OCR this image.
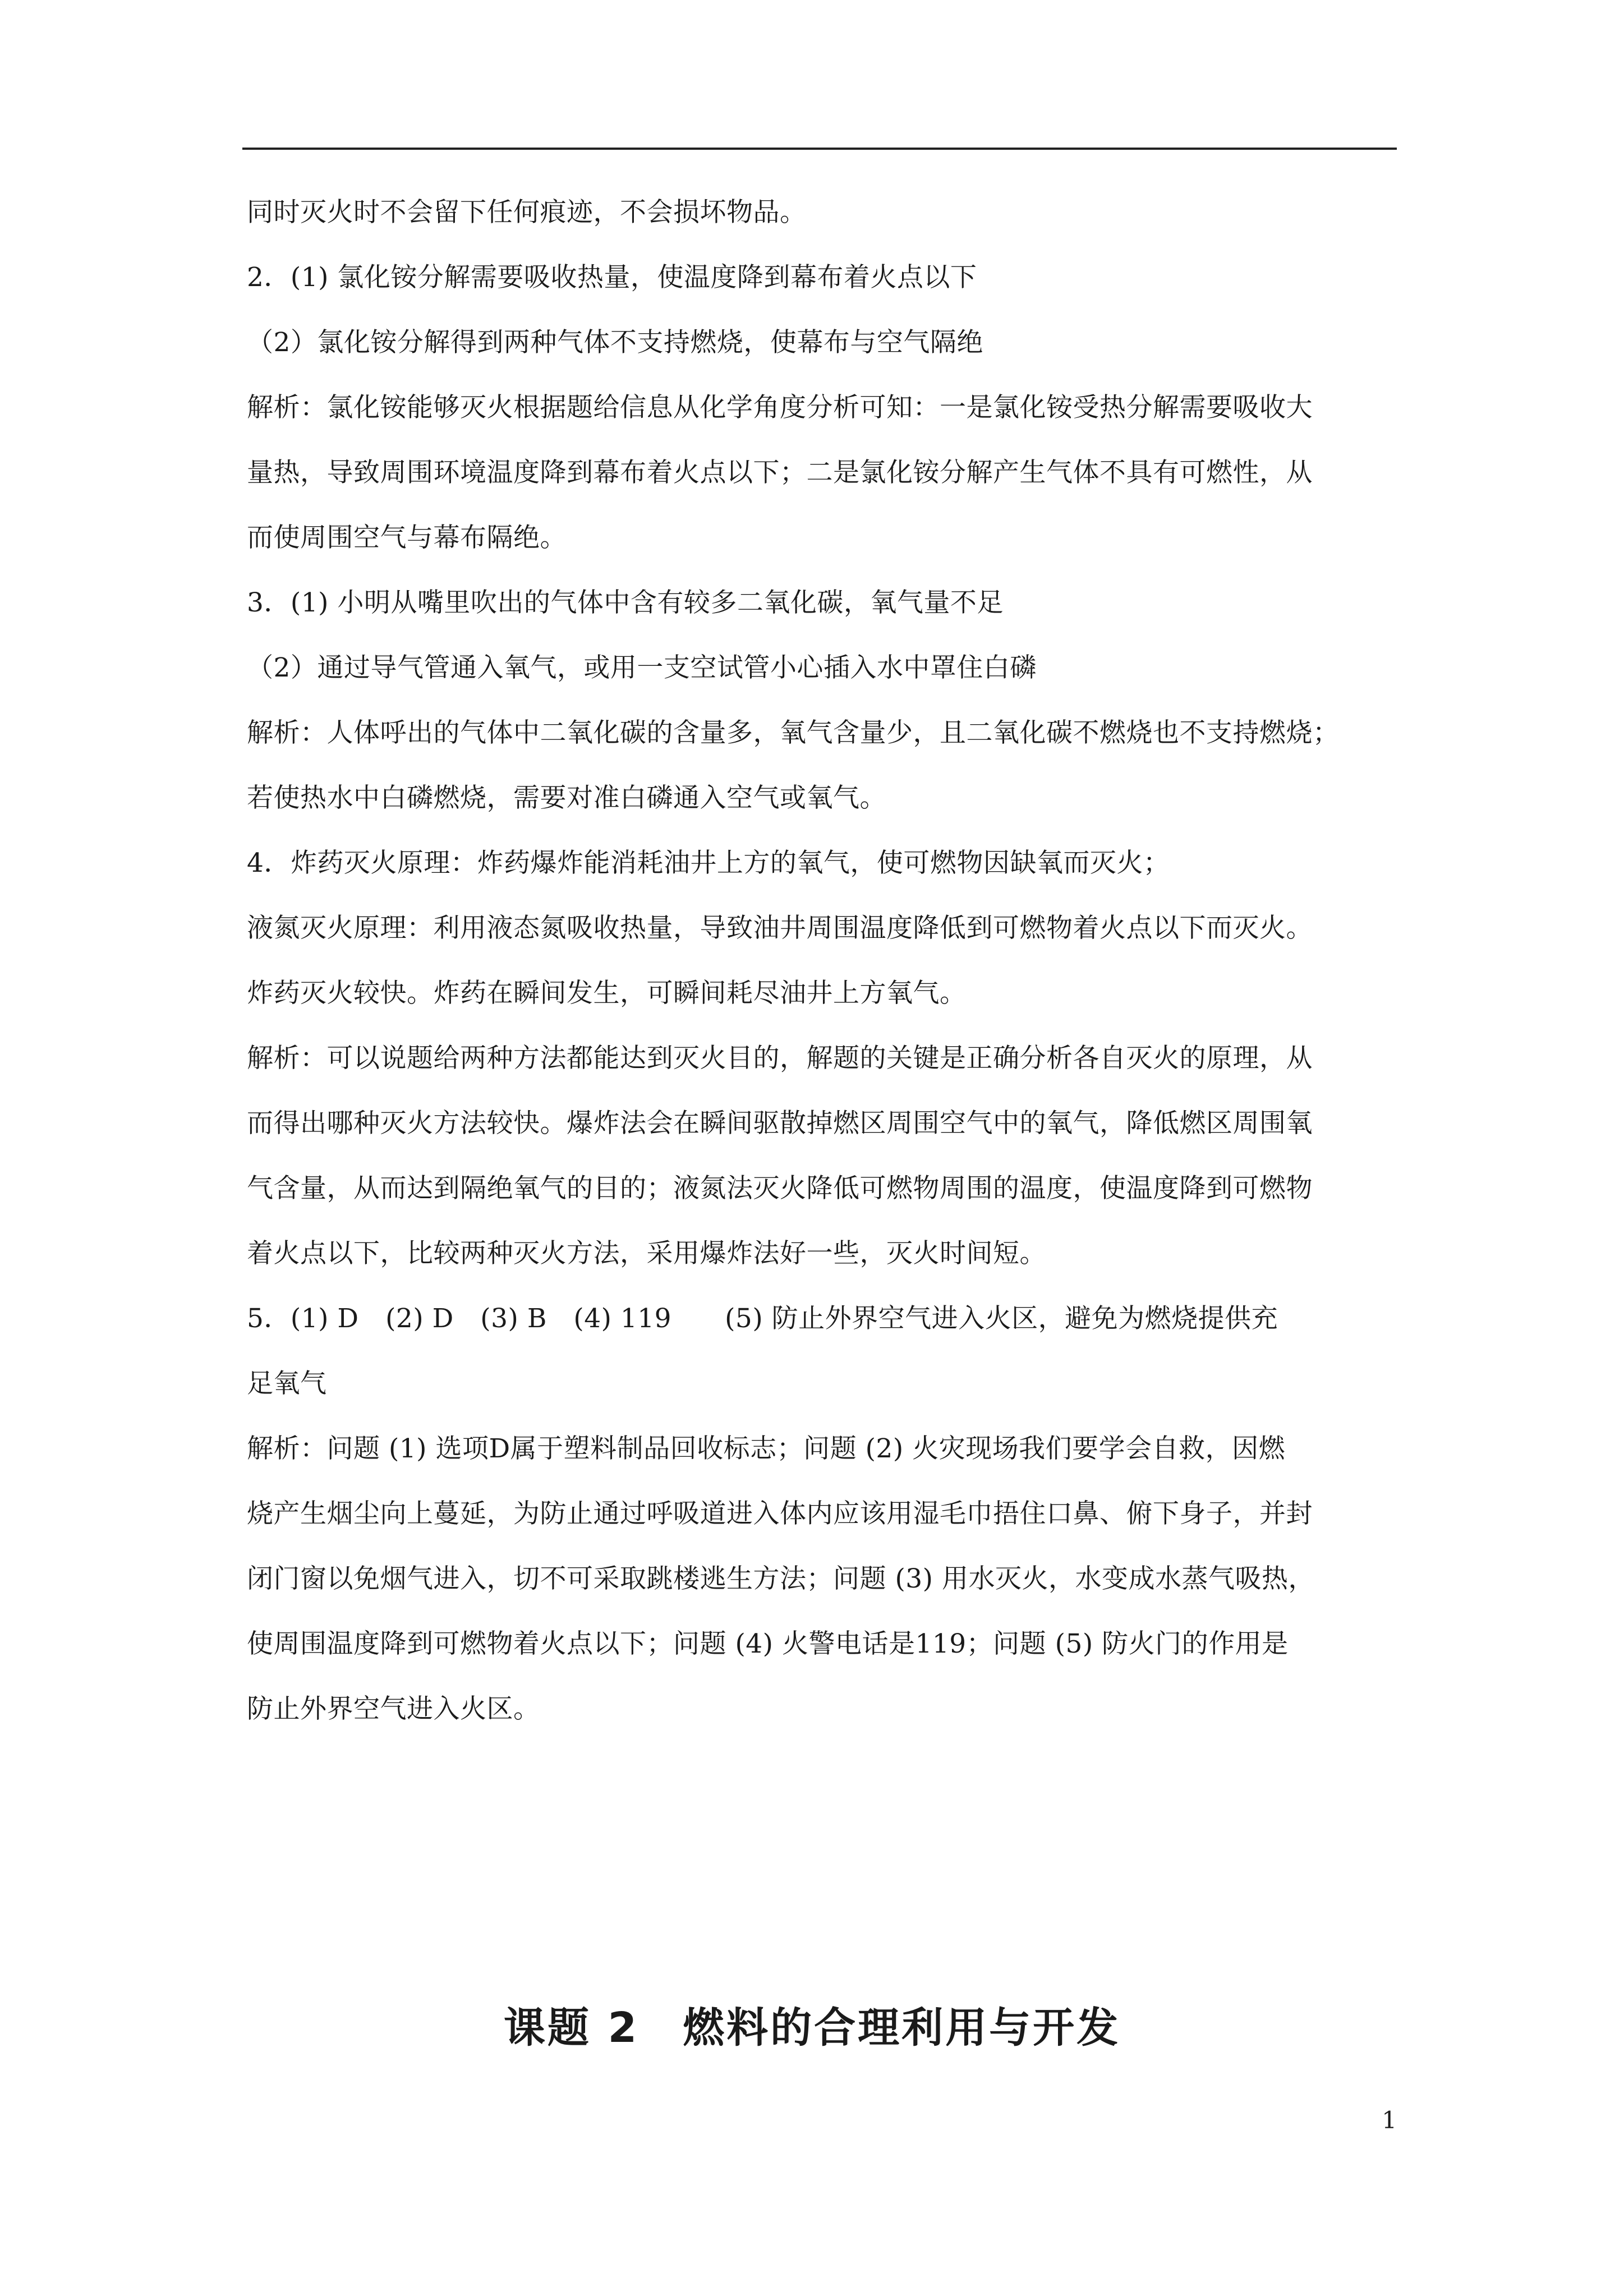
同时灭火时不会留下任何痕迹，不会损坏物品。
2．(1) 氯化铵分解需要吸收热量，使温度降到幕布着火点以下
（2）氯化铵分解得到两种气体不支持燃烧，使幕布与空气隔绝
解析：氯化铵能够灭火根据题给信息从化学角度分析可知：一是氯化铵受热分解需要吸收大
量热，导致周围环境温度降到幕布着火点以下；二是氯化铵分解产生气体不具有可燃性，从
而使周围空气与幕布隔绝。
3．(1) 小明从嘴里吹出的气体中含有较多二氧化碳，氧气量不足
（2）通过导气管通入氧气，或用一支空试管小心插入水中罩住白磷
解析：人体呼出的气体中二氧化碳的含量多，氧气含量少，且二氧化碳不燃烧也不支持燃烧；
若使热水中白磷燃烧，需要对准白磷通入空气或氧气。
4．炸药灭火原理：炸药爆炸能消耗油井上方的氧气，使可燃物因缺氧而灭火；
液氮灭火原理：利用液态氮吸收热量，导致油井周围温度降低到可燃物着火点以下而灭火。
炸药灭火较快。炸药在瞬间发生，可瞬间耗尽油井上方氧气。
解析：可以说题给两种方法都能达到灭火目的，解题的关键是正确分析各自灭火的原理，从
而得出哪种灭火方法较快。爆炸法会在瞬间驱散掉燃区周围空气中的氧气，降低燃区周围氧
气含量，从而达到隔绝氧气的目的；液氮法灭火降低可燃物周围的温度，使温度降到可燃物
着火点以下，比较两种灭火方法，采用爆炸法好一些，灭火时间短。
5．(1) D　(2) D　(3) B　(4) 119　　(5) 防止外界空气进入火区，避免为燃烧提供充
足氧气
解析：问题 (1) 选项D属于塑料制品回收标志；问题 (2) 火灾现场我们要学会自救，因燃
烧产生烟尘向上蔓延，为防止通过呼吸道进入体内应该用湿毛巾捂住口鼻、俯下身子，并封
闭门窗以免烟气进入，切不可采取跳楼逃生方法；问题 (3) 用水灭火，水变成水蒸气吸热，
使周围温度降到可燃物着火点以下；问题 (4) 火警电话是119；问题 (5) 防火门的作用是
防止外界空气进入火区。
课题 2　燃料的合理利用与开发
1
